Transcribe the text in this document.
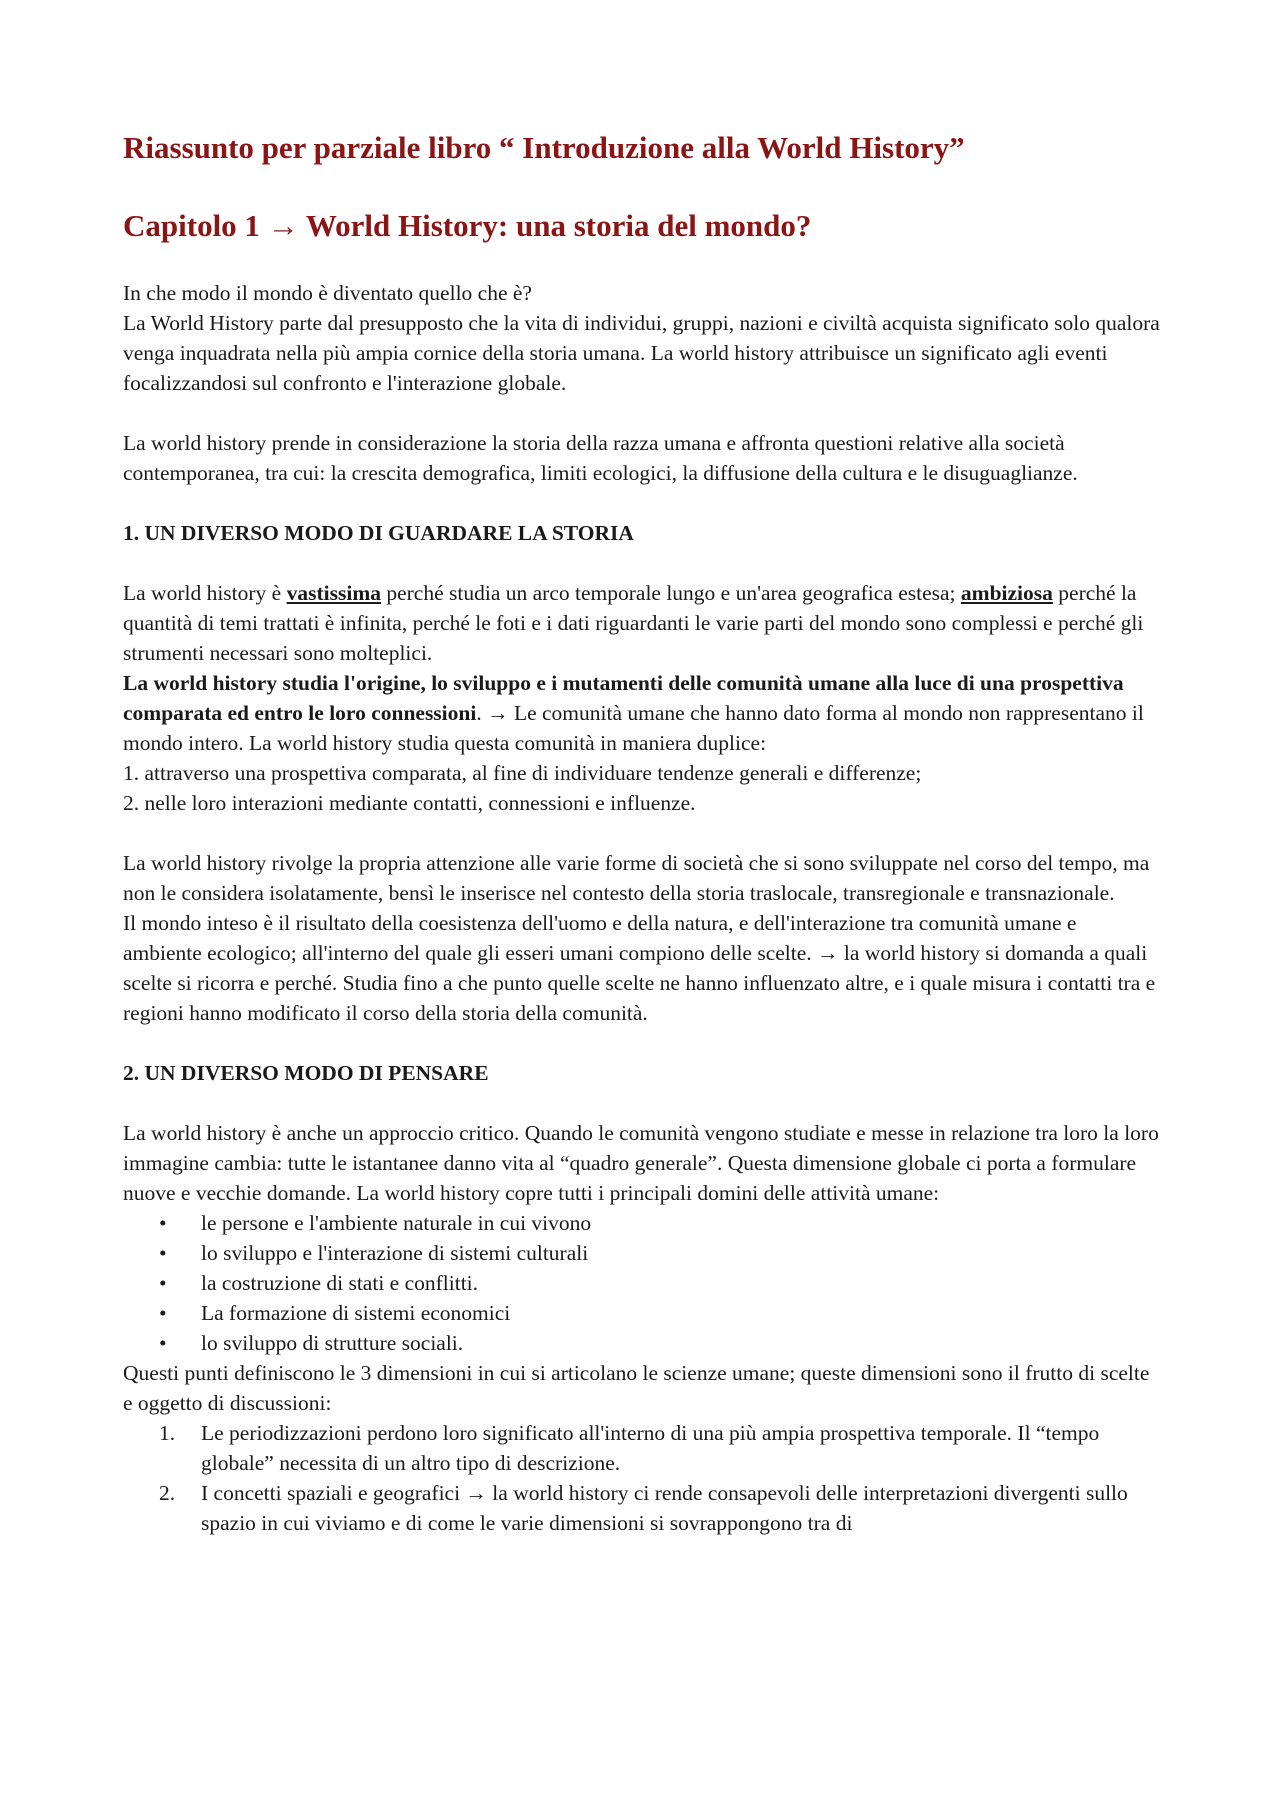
Riassunto per parziale libro “ Introduzione alla World History”
Capitolo 1 → World History: una storia del mondo?

In che modo il mondo è diventato quello che è?

La World History parte dal presupposto che la vita di individui, gruppi, nazioni e civiltà acquista significato solo qualora venga inquadrata nella più ampia cornice della storia umana. La world history attribuisce un significato agli eventi focalizzandosi sul confronto e l'interazione globale.

La world history prende in considerazione la storia della razza umana e affronta questioni relative alla società contemporanea, tra cui: la crescita demografica, limiti ecologici, la diffusione della cultura e le disuguaglianze.

1. UN DIVERSO MODO DI GUARDARE LA STORIA

La world history è vastissima perché studia un arco temporale lungo e un'area geografica estesa; ambiziosa perché la quantità di temi trattati è infinita, perché le foti e i dati riguardanti le varie parti del mondo sono complessi e perché gli strumenti necessari sono molteplici.

La world history studia l'origine, lo sviluppo e i mutamenti delle comunità umane alla luce di una prospettiva comparata ed entro le loro connessioni. → Le comunità umane che hanno dato forma al mondo non rappresentano il mondo intero. La world history studia questa comunità in maniera duplice:

1. attraverso una prospettiva comparata, al fine di individuare tendenze generali e differenze;

2. nelle loro interazioni mediante contatti, connessioni e influenze.

La world history rivolge la propria attenzione alle varie forme di società che si sono sviluppate nel corso del tempo, ma non le considera isolatamente, bensì le inserisce nel contesto della storia traslocale, transregionale e transnazionale.

Il mondo inteso è il risultato della coesistenza dell'uomo e della natura, e dell'interazione tra comunità umane e ambiente ecologico; all'interno del quale gli esseri umani compiono delle scelte. → la world history si domanda a quali scelte si ricorra e perché. Studia fino a che punto quelle scelte ne hanno influenzato altre, e i quale misura i contatti tra e regioni hanno modificato il corso della storia della comunità.

2. UN DIVERSO MODO DI PENSARE

La world history è anche un approccio critico. Quando le comunità vengono studiate e messe in relazione tra loro la loro immagine cambia: tutte le istantanee danno vita al “quadro generale”. Questa dimensione globale ci porta a formulare nuove e vecchie domande. La world history copre tutti i principali domini delle attività umane:

• le persone e l'ambiente naturale in cui vivono
• lo sviluppo e l'interazione di sistemi culturali
• la costruzione di stati e conflitti.
• La formazione di sistemi economici
• lo sviluppo di strutture sociali.

Questi punti definiscono le 3 dimensioni in cui si articolano le scienze umane; queste dimensioni sono il frutto di scelte e oggetto di discussioni:

1. Le periodizzazioni perdono loro significato all'interno di una più ampia prospettiva temporale. Il “tempo globale” necessita di un altro tipo di descrizione.
2. I concetti spaziali e geografici → la world history ci rende consapevoli delle interpretazioni divergenti sullo spazio in cui viviamo e di come le varie dimensioni si sovrappongono tra di
